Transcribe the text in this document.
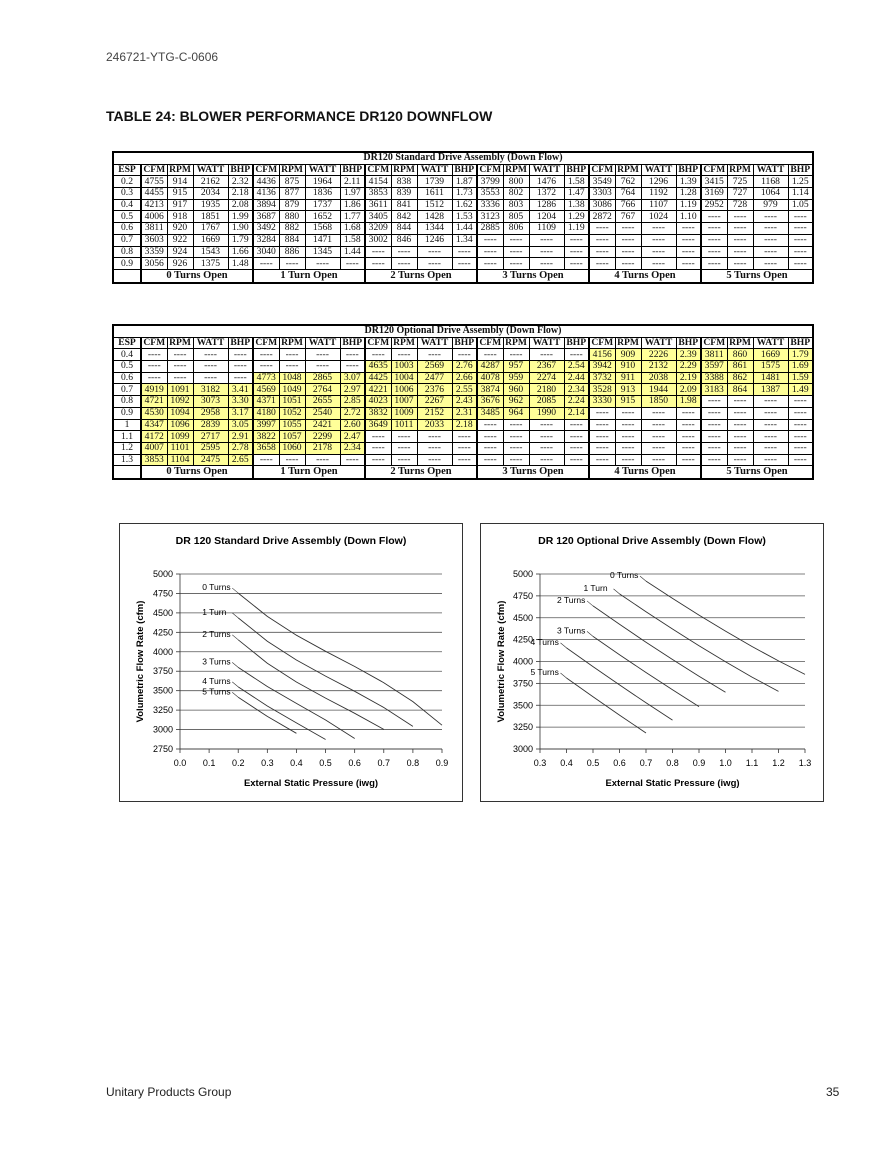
246721-YTG-C-0606
TABLE 24: BLOWER PERFORMANCE DR120 DOWNFLOW
DR120 Standard Drive Assembly (Down Flow)																								
ESP	CFM	RPM	WATT	BHP	CFM	RPM	WATT	BHP	CFM	RPM	WATT	BHP	CFM	RPM	WATT	BHP	CFM	RPM	WATT	BHP	CFM	RPM	WATT	BHP
0.2	4755	914	2162	2.32	4436	875	1964	2.11	4154	838	1739	1.87	3799	800	1476	1.58	3549	762	1296	1.39	3415	725	1168	1.25
0.3	4455	915	2034	2.18	4136	877	1836	1.97	3853	839	1611	1.73	3553	802	1372	1.47	3303	764	1192	1.28	3169	727	1064	1.14
0.4	4213	917	1935	2.08	3894	879	1737	1.86	3611	841	1512	1.62	3336	803	1286	1.38	3086	766	1107	1.19	2952	728	979	1.05
0.5	4006	918	1851	1.99	3687	880	1652	1.77	3405	842	1428	1.53	3123	805	1204	1.29	2872	767	1024	1.10	----	----	----	----
0.6	3811	920	1767	1.90	3492	882	1568	1.68	3209	844	1344	1.44	2885	806	1109	1.19	----	----	----	----	----	----	----	----
0.7	3603	922	1669	1.79	3284	884	1471	1.58	3002	846	1246	1.34	----	----	----	----	----	----	----	----	----	----	----	----
0.8	3359	924	1543	1.66	3040	886	1345	1.44	----	----	----	----	----	----	----	----	----	----	----	----	----	----	----	----
0.9	3056	926	1375	1.48	----	----	----	----	----	----	----	----	----	----	----	----	----	----	----	----	----	----	----	----
	0 Turns Open				1 Turn Open				2 Turns Open				3 Turns Open				4 Turns Open				5 Turns Open			
DR120 Optional Drive Assembly (Down Flow)																								
ESP	CFM	RPM	WATT	BHP	CFM	RPM	WATT	BHP	CFM	RPM	WATT	BHP	CFM	RPM	WATT	BHP	CFM	RPM	WATT	BHP	CFM	RPM	WATT	BHP
0.4	----	----	----	----	----	----	----	----	----	----	----	----	----	----	----	----	4156	909	2226	2.39	3811	860	1669	1.79
0.5	----	----	----	----	----	----	----	----	4635	1003	2569	2.76	4287	957	2367	2.54	3942	910	2132	2.29	3597	861	1575	1.69
0.6	----	----	----	----	4773	1048	2865	3.07	4425	1004	2477	2.66	4078	959	2274	2.44	3732	911	2038	2.19	3388	862	1481	1.59
0.7	4919	1091	3182	3.41	4569	1049	2764	2.97	4221	1006	2376	2.55	3874	960	2180	2.34	3528	913	1944	2.09	3183	864	1387	1.49
0.8	4721	1092	3073	3.30	4371	1051	2655	2.85	4023	1007	2267	2.43	3676	962	2085	2.24	3330	915	1850	1.98	----	----	----	----
0.9	4530	1094	2958	3.17	4180	1052	2540	2.72	3832	1009	2152	2.31	3485	964	1990	2.14	----	----	----	----	----	----	----	----
1	4347	1096	2839	3.05	3997	1055	2421	2.60	3649	1011	2033	2.18	----	----	----	----	----	----	----	----	----	----	----	----
1.1	4172	1099	2717	2.91	3822	1057	2299	2.47	----	----	----	----	----	----	----	----	----	----	----	----	----	----	----	----
1.2	4007	1101	2595	2.78	3658	1060	2178	2.34	----	----	----	----	----	----	----	----	----	----	----	----	----	----	----	----
1.3	3853	1104	2475	2.65	----	----	----	----	----	----	----	----	----	----	----	----	----	----	----	----	----	----	----	----
	0 Turns Open				1 Turn Open				2 Turns Open				3 Turns Open				4 Turns Open				5 Turns Open			
DR 120 Standard Drive Assembly (Down Flow)
2750
3000
3250
3500
3750
4000
4250
4500
4750
5000
0.0 0.1 0.2 0.3 0.4 0.5 0.6 0.7 0.8 0.9
External Static Pressure (iwg)
Volumetric Flow Rate (cfm)
0 Turns
1 Turn
2 Turns
3 Turns
4 Turns
5 Turns
DR 120 Optional Drive Assembly (Down Flow)
3000
3250
3500
3750
4000
4250
4500
4750
5000
0.3 0.4 0.5 0.6 0.7 0.8 0.9 1.0 1.1 1.2 1.3
External Static Pressure (iwg)
Volumetric Flow Rate (cfm)
0 Turns
1 Turn
2 Turns
3 Turns
4 Turns
5 Turns
Unitary Products Group	35
